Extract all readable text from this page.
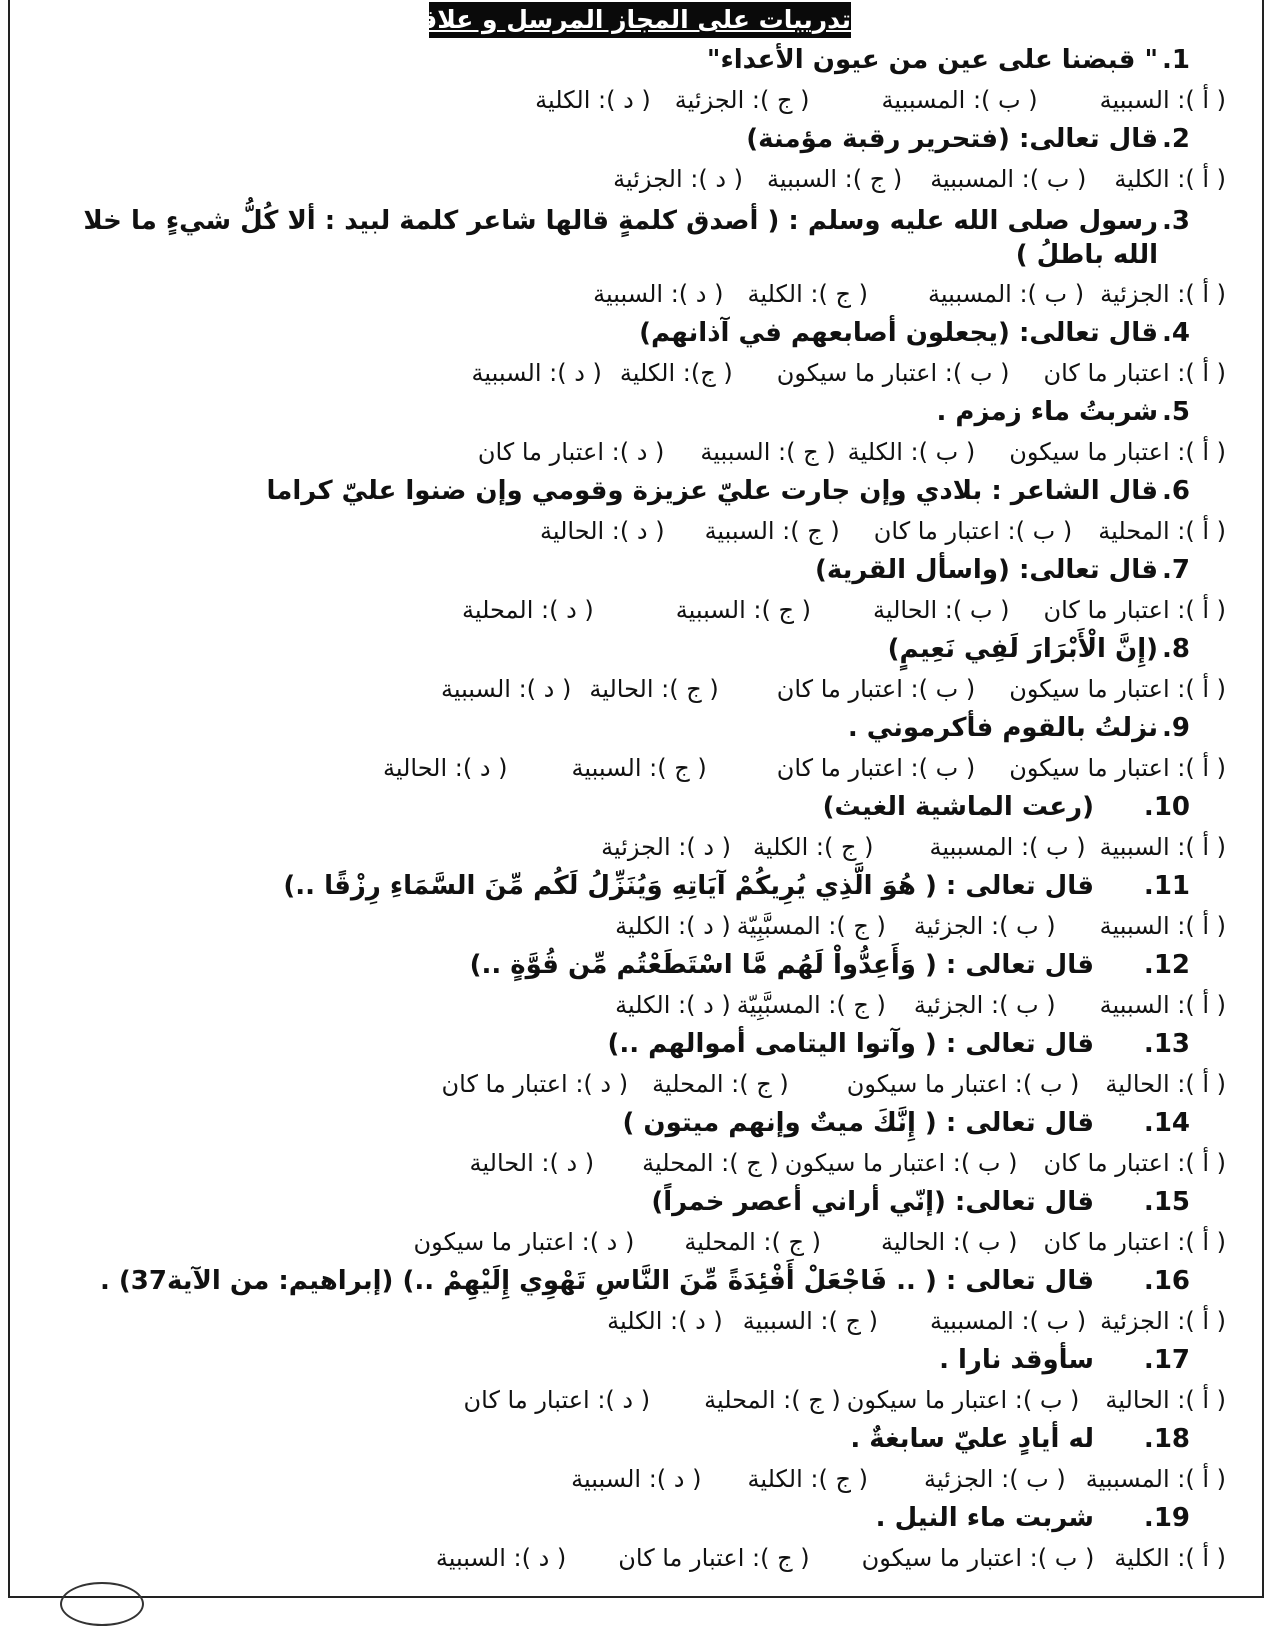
تدريبات على المجاز المرسل و علاقاته
1.
" قبضنا على عين من عيون الأعداء"
( أ ): السببية
( ب ): المسببية
( ج ): الجزئية
( د ): الكلية
2.
قال تعالى: (فتحرير رقبة مؤمنة)
( أ ): الكلية
( ب ): المسببية
( ج ): السببية
( د ): الجزئية
3.
رسول صلى الله عليه وسلم : ( أصدق كلمةٍ قالها شاعر كلمة لبيد : ألا كُلُّ شيءٍ ما خلا الله باطلُ )
( أ ): الجزئية
( ب ): المسببية
( ج ): الكلية
( د ): السببية
4.
قال تعالى: (يجعلون أصابعهم في آذانهم)
( أ ): اعتبار ما كان
( ب ): اعتبار ما سيكون
( ج): الكلية
( د ): السببية
5.
شربتُ ماء زمزم .
( أ ): اعتبار ما سيكون
( ب ): الكلية
( ج ): السببية
( د ): اعتبار ما كان
6.
قال الشاعر : بلادي وإن جارت عليّ عزيزة وقومي وإن ضنوا عليّ كراما
( أ ): المحلية
( ب ): اعتبار ما كان
( ج ): السببية
( د ): الحالية
7.
قال تعالى: (واسأل القرية)
( أ ): اعتبار ما كان
( ب ): الحالية
( ج ): السببية
( د ): المحلية
8.
(إِنَّ الْأَبْرَارَ لَفِي نَعِيمٍ)
( أ ): اعتبار ما سيكون
( ب ): اعتبار ما كان
( ج ): الحالية
( د ): السببية
9.
نزلتُ بالقوم فأكرموني .
( أ ): اعتبار ما سيكون
( ب ): اعتبار ما كان
( ج ): السببية
( د ): الحالية
10.
(رعت الماشية الغيث)
( أ ): السببية
( ب ): المسببية
( ج ): الكلية
( د ): الجزئية
11.
قال تعالى : ( هُوَ الَّذِي يُرِيكُمْ آيَاتِهِ وَيُنَزِّلُ لَكُم مِّنَ السَّمَاءِ رِزْقًا ..)
( أ ): السببية
( ب ): الجزئية
( ج ): المسبَّبِيّة
( د ): الكلية
12.
قال تعالى : ( وَأَعِدُّواْ لَهُم مَّا اسْتَطَعْتُم مِّن قُوَّةٍ ..)
( أ ): السببية
( ب ): الجزئية
( ج ): المسبَّبِيّة
( د ): الكلية
13.
قال تعالى : ( وآتوا اليتامى أموالهم ..)
( أ ): الحالية
( ب ): اعتبار ما سيكون
( ج ): المحلية
( د ): اعتبار ما كان
14.
قال تعالى : ( إِنَّكَ ميتٌ وإنهم ميتون )
( أ ): اعتبار ما كان
( ب ): اعتبار ما سيكون
( ج ): المحلية
( د ): الحالية
15.
قال تعالى: (إنّي أراني أعصر خمراً)
( أ ): اعتبار ما كان
( ب ): الحالية
( ج ): المحلية
( د ): اعتبار ما سيكون
16.
قال تعالى : ( .. فَاجْعَلْ أَفْئِدَةً مِّنَ النَّاسِ تَهْوِي إِلَيْهِمْ ..) (إبراهيم: من الآية37) .
( أ ): الجزئية
( ب ): المسببية
( ج ): السببية
( د ): الكلية
17.
سأوقد نارا .
( أ ): الحالية
( ب ): اعتبار ما سيكون
( ج ): المحلية
( د ): اعتبار ما كان
18.
له أيادٍ عليّ سابغةٌ .
( أ ): المسببية
( ب ): الجزئية
( ج ): الكلية
( د ): السببية
19.
شربت ماء النيل .
( أ ): الكلية
( ب ): اعتبار ما سيكون
( ج ): اعتبار ما كان
( د ): السببية
